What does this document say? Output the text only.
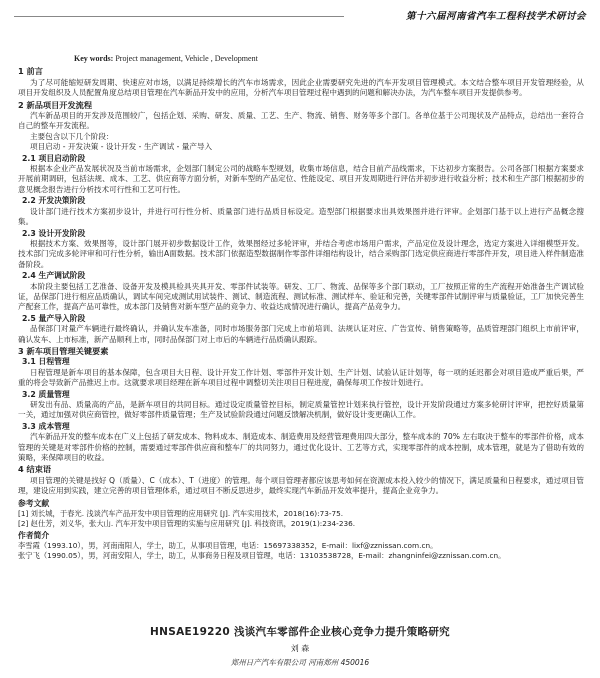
第十六届河南省汽车工程科技学术研讨会

Key words: Project management, Vehicle , Development

1 前言

为了尽可能缩短研发周期、快速应对市场，以满足持续增长的汽车市场需求，因此企业需要研究先进的汽车开发项目管理模式。本文结合整车项目开发管理经验，从项目开发组织及人员配置角度总结项目管理在汽车新品开发中的应用，分析汽车项目管理过程中遇到的问题和解决办法，为汽车整车项目开发提供参考。

2 新品项目开发流程

汽车新品项目的开发涉及范围较广，包括企划、采购、研发、质量、工艺、生产、物流、销售、财务等多个部门。各单位基于公司现状及产品特点，总结出一套符合自己的整车开发流程。

主要包含以下几个阶段：

项目启动 - 开发决策 - 设计开发 - 生产调试 - 量产导入

2.1 项目启动阶段

根据本企业产品发展状况及当前市场需求，企划部门制定公司的战略车型规划，收集市场信息，结合目前产品线需求，下达初步方案报告。公司各部门根据方案要求开展前期调研，包括法规、成本、工艺、供应商等方面分析，对新车型的产品定位、性能设定、项目开发周期进行评估并初步进行收益分析；技术和生产部门根据初步的意见概念报告进行分析技术可行性和工艺可行性。

2.2 开发决策阶段

设计部门进行技术方案初步设计，并进行可行性分析、质量部门进行品质目标设定。造型部门根据要求出具效果图并进行评审。企划部门基于以上进行产品概念搜集。

2.3 设计开发阶段

根据技术方案、效果图等，设计部门展开初步数据设计工作，效果图经过多轮评审，并结合考虑市场用户需求，产品定位及设计理念，选定方案进入详细模型开发。技术部门完成多轮评审和可行性分析，输出A面数据。技术部门依据造型数据制作零部件详细结构设计，结合采购部门选定供应商进行零部件开发，项目进入样件制造准备阶段。

2.4 生产调试阶段

本阶段主要包括工艺准备、设备开发及模具检具夹具开发、零部件试装等。研发、工厂、物流、品保等多个部门联动，工厂按照正常的生产流程开始准备生产调试验证，品保部门进行相应品质确认，调试车间完成测试用试装件、测试、制造流程、测试标准、测试样车、验证和完善，关键零部件试制评审与质量验证，工厂加快完善生产配套工作，提高产品可靠性，成本部门及销售对新车型产品的竞争力、收益达成情况进行确认，提高产品竞争力。

2.5 量产导入阶段

品保部门对量产车辆进行最终确认，并确认发车准备，同时市场服务部门完成上市前培训、法规认证对应、广告宣传、销售策略等，品质管理部门组织上市前评审，确认发车、上市标准，新产品顺利上市，同时品保部门对上市后的车辆进行品质确认跟踪。

3 新车项目管理关键要素
3.1 日程管理

日程管理是新车项目的基本保障，包含项目大日程、设计开发工作计划、零部件开发计划、生产计划、试验认证计划等，每一项的延迟都会对项目造成严重后果，严重的将会导致新产品推迟上市。这就要求项目经理在新车项目过程中调整切关注项目日程进度，确保每项工作按计划进行。

3.2 质量管理

研发出有品、质量高的产品，是新车项目的共同目标。通过设定质量管控目标，制定质量管控计划来执行管控，设计开发阶段通过方案多轮研讨评审，把控好质量第一关，通过加强对供应商管控，做好零部件质量管理；生产及试验阶段通过问题反馈解决机制，做好设计变更确认工作。

3.3 成本管理

汽车新品开发的整车成本在广义上包括了研发成本、物料成本、制造成本、制造费用及经营管理费用四大部分，整车成本的 70% 左右取决于整车的零部件价格，成本管理的关键是对零部件价格的控制，需要通过零部件供应商和整车厂的共同努力，通过优化设计、工艺等方式，实现零部件的成本控制，成本管理，就是为了借助有效的策略，来保障项目的收益。

4 结束语

项目管理的关键是找好 Q（质量）、C（成本）、T（进度）的管理。每个项目管理者都应该思考如何在资源成本投入较少的情况下，满足质量和日程要求，通过项目管理，建设应用到实践，建立完善的项目管理体系，通过项目不断反思进步，最终实现汽车新品开发效率提升，提高企业竞争力。

参考文献

[1] 刘长城，于春光. 浅谈汽车产品开发中项目管理的应用研究 [J]. 汽车实用技术，2018(16):73-75.

[2] 赵仕芳，刘义华，张大山. 汽车开发中项目管理的实施与应用研究 [J]. 科技资讯，2019(1):234-236.

作者简介

李雪霞（1993.10），男，河南南阳人，学士，助工，从事项目管理，电话：15697338352，E-mail：lixf@zznissan.com.cn。

张宁飞（1990.05），男，河南安阳人，学士，助工，从事商务日程及项目管理，电话：13103538728，E-mail：zhangninfei@zznissan.com.cn。

HNSAE19220 浅谈汽车零部件企业核心竞争力提升策略研究
刘 森
郑州日产汽车有限公司 河南郑州 450016
